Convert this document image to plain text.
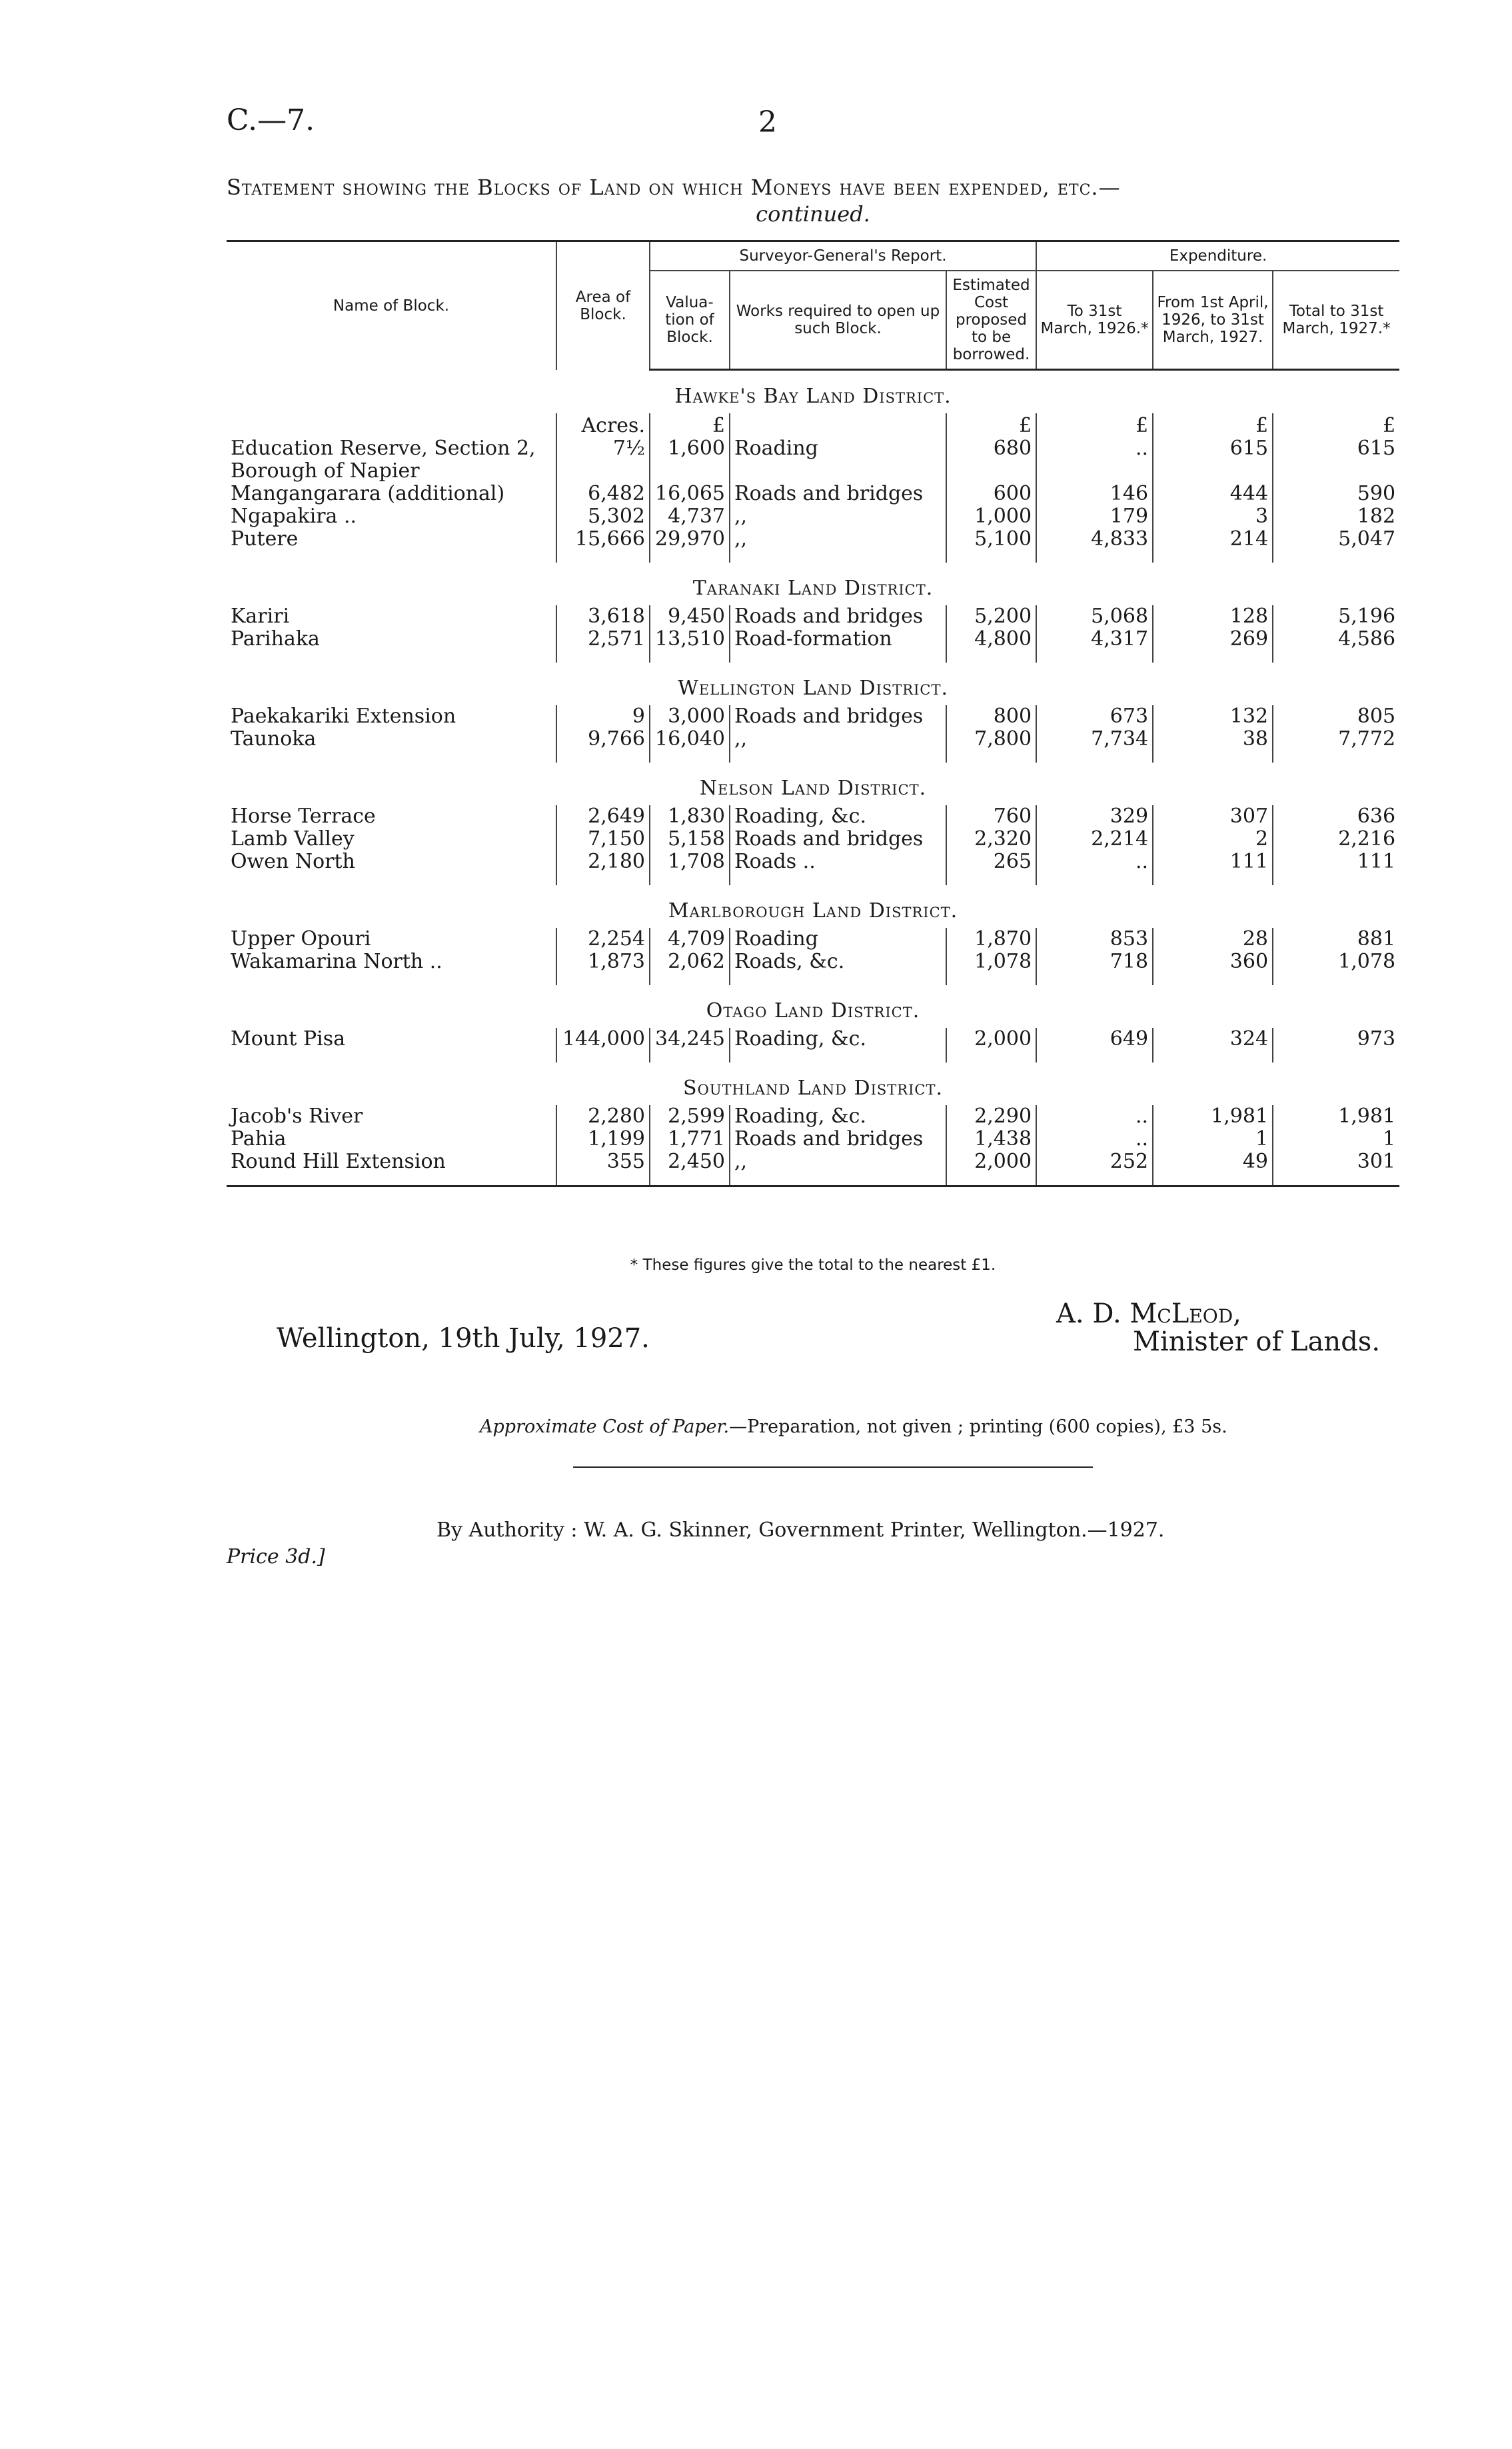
C.—7.	2
Statement showing the Blocks of Land on which Moneys have been expended, etc.—
continued.
Name of Block.	Area of Block.	Surveyor-General's Report.			Expenditure.		
		Valua-tion of Block.	Works required to open up such Block.	Estimated Cost proposed to be borrowed.	To 31st March, 1926.*	From 1st April, 1926, to 31st March, 1927.	Total to 31st March, 1927.*
Hawke's Bay Land District.							
	Acres.	£		£	£	£	£
Education Reserve, Section 2, Borough of Napier	7½	1,600	Roading	680	..	615	615
Mangangarara (additional)	6,482	16,065	Roads and bridges	600	146	444	590
Ngapakira ..	5,302	4,737	,,	1,000	179	3	182
Putere	15,666	29,970	,,	5,100	4,833	214	5,047
Taranaki Land District.							
Kariri	3,618	9,450	Roads and bridges	5,200	5,068	128	5,196
Parihaka	2,571	13,510	Road-formation	4,800	4,317	269	4,586
Wellington Land District.							
Paekakariki Extension	9	3,000	Roads and bridges	800	673	132	805
Taunoka	9,766	16,040	,,	7,800	7,734	38	7,772
Nelson Land District.							
Horse Terrace	2,649	1,830	Roading, &c.	760	329	307	636
Lamb Valley	7,150	5,158	Roads and bridges	2,320	2,214	2	2,216
Owen North	2,180	1,708	Roads ..	265	..	111	111
Marlborough Land District.							
Upper Opouri	2,254	4,709	Roading	1,870	853	28	881
Wakamarina North ..	1,873	2,062	Roads, &c.	1,078	718	360	1,078
Otago Land District.							
Mount Pisa	144,000	34,245	Roading, &c.	2,000	649	324	973
Southland Land District.							
Jacob's River	2,280	2,599	Roading, &c.	2,290	..	1,981	1,981
Pahia	1,199	1,771	Roads and bridges	1,438	..	1	1
Round Hill Extension	355	2,450	,,	2,000	252	49	301

* These figures give the total to the nearest £1.
Wellington, 19th July, 1927.
A. D. McLeod,
Minister of Lands.
Approximate Cost of Paper.—Preparation, not given ; printing (600 copies), £3 5s.
By Authority : W. A. G. Skinner, Government Printer, Wellington.—1927.
Price 3d.]
